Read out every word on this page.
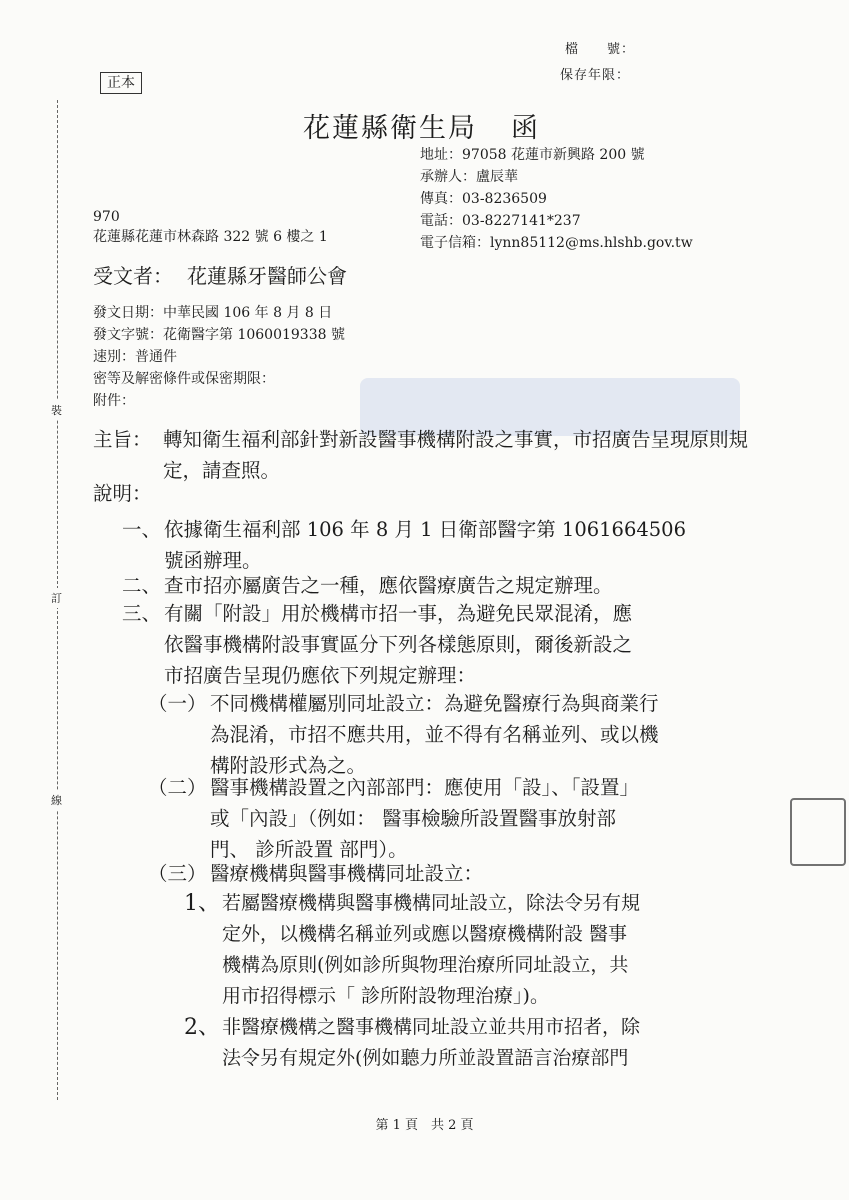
裝
訂
線
檔　　號：
保存年限：
正本
花蓮縣衛生局 函
地址：97058 花蓮市新興路 200 號
承辦人：盧辰華
傳真：03-8236509
電話：03-8227141*237
電子信箱：lynn85112@ms.hlshb.gov.tw
970
花蓮縣花蓮市林森路 322 號 6 樓之 1
受文者： 花蓮縣牙醫師公會
發文日期：中華民國 106 年 8 月 8 日
發文字號：花衛醫字第 1060019338 號
速別：普通件
密等及解密條件或保密期限：
附件：
主旨： 轉知衛生福利部針對新設醫事機構附設之事實，市招廣告呈現原則規定，請查照。
說明：
一、 依據衛生福利部 106 年 8 月 1 日衛部醫字第 1061664506
號函辦理。
二、 查市招亦屬廣告之一種，應依醫療廣告之規定辦理。
三、 有關「附設」用於機構市招一事，為避免民眾混淆，應
依醫事機構附設事實區分下列各樣態原則，爾後新設之
市招廣告呈現仍應依下列規定辦理：
（一） 不同機構權屬別同址設立：為避免醫療行為與商業行
為混淆，市招不應共用，並不得有名稱並列、或以機
構附設形式為之。
（二） 醫事機構設置之內部部門：應使用「設」、「設置」
或「內設」（例如： 醫事檢驗所設置醫事放射部
門、 診所設置 部門）。
（三） 醫療機構與醫事機構同址設立：
1、 若屬醫療機構與醫事機構同址設立，除法令另有規
定外，以機構名稱並列或應以醫療機構附設 醫事
機構為原則(例如診所與物理治療所同址設立，共
用市招得標示「 診所附設物理治療」)。
2、 非醫療機構之醫事機構同址設立並共用市招者，除
法令另有規定外(例如聽力所並設置語言治療部門
第 1 頁　共 2 頁
